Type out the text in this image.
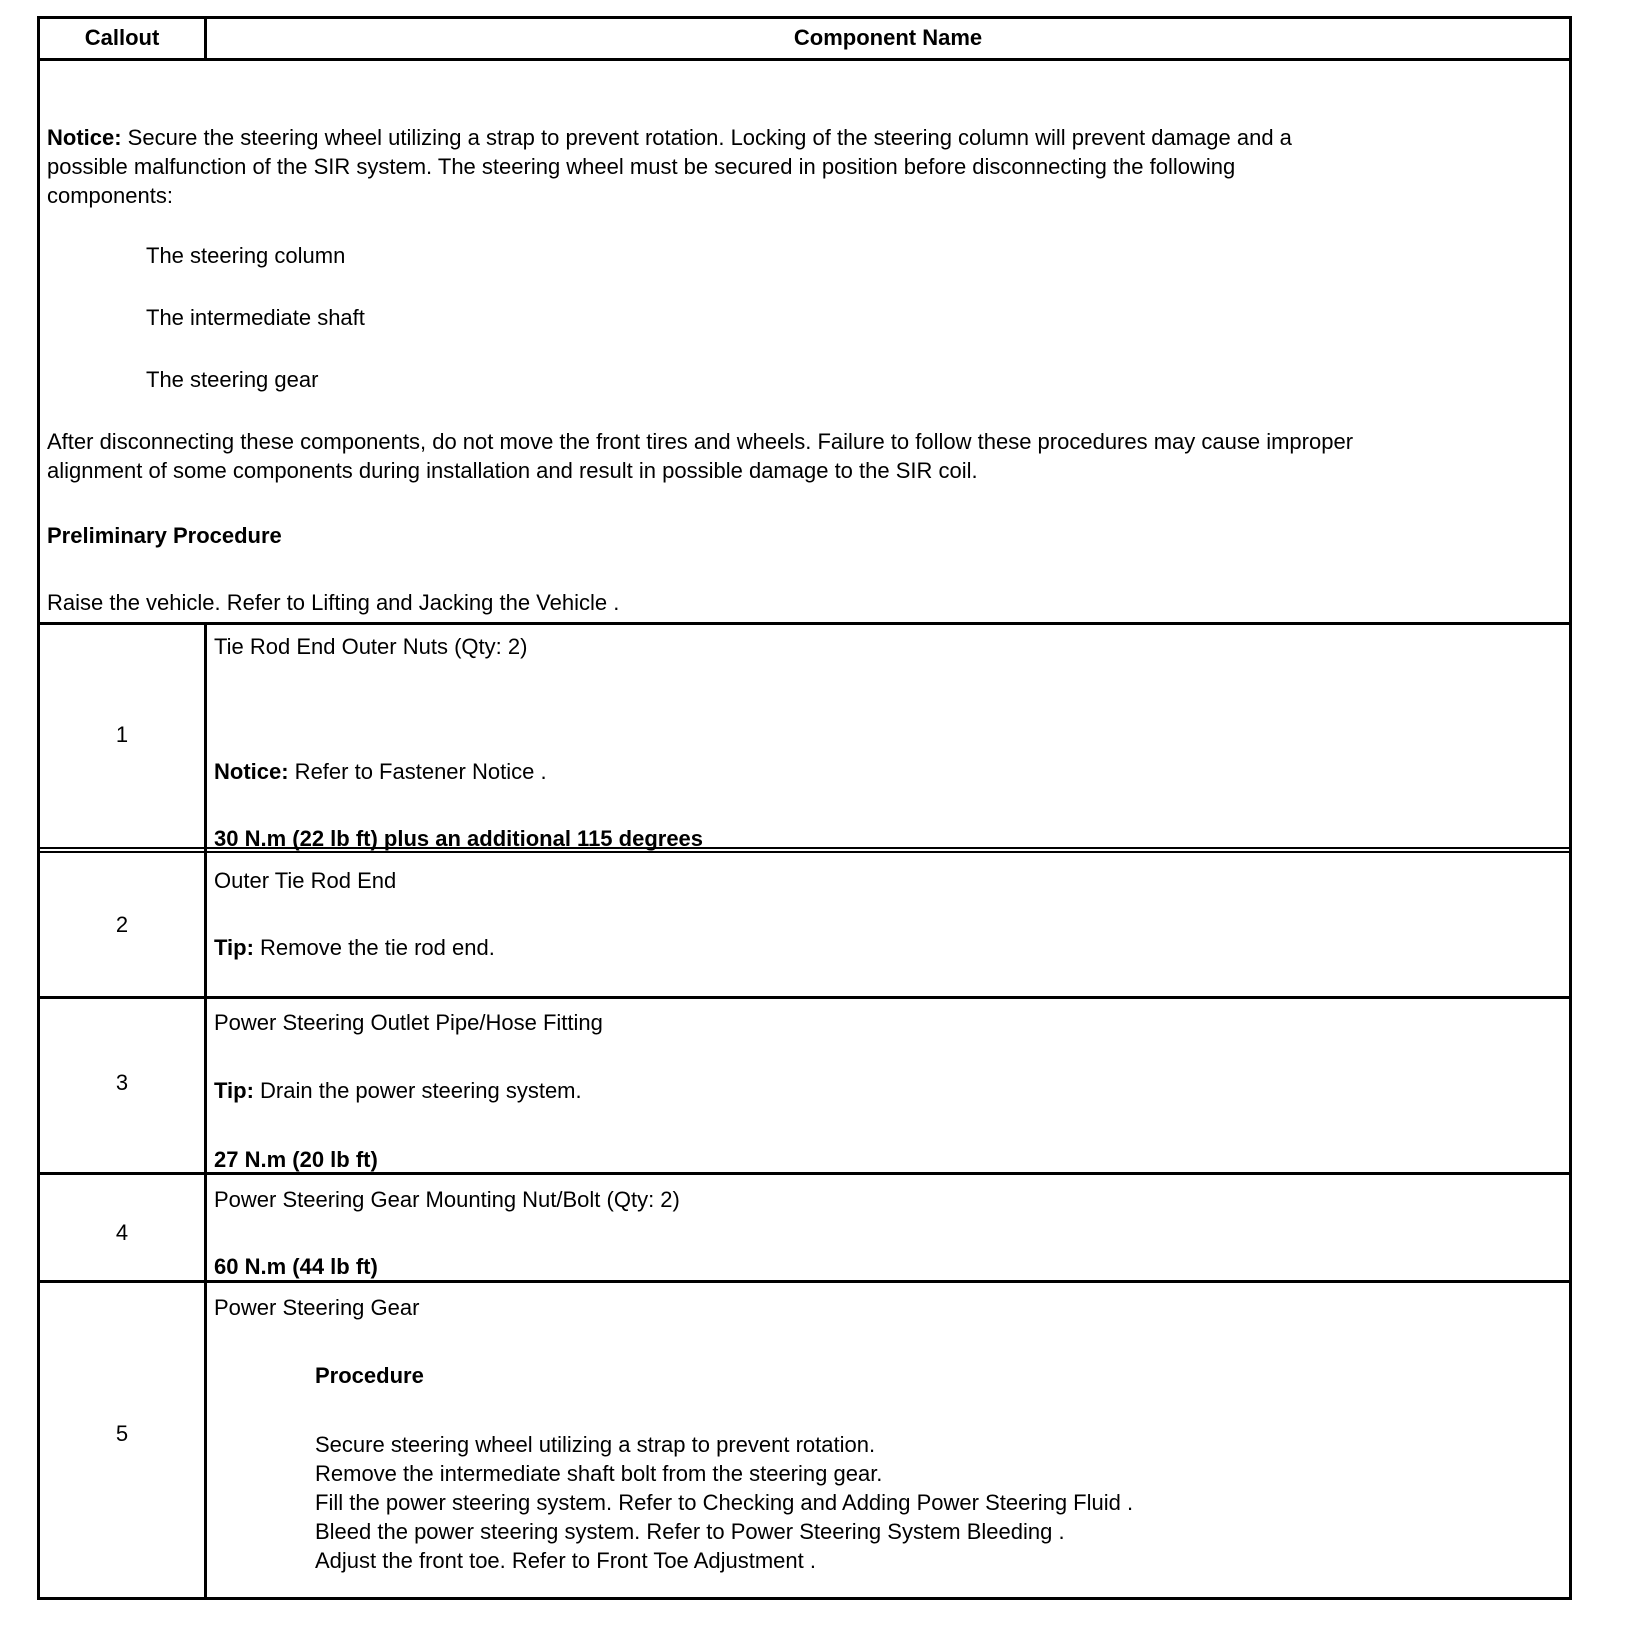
Callout	Component Name
Notice: Secure the steering wheel utilizing a strap to prevent rotation. Locking of the steering column will prevent damage and a
possible malfunction of the SIR system. The steering wheel must be secured in position before disconnecting the following
components:
The steering column
The intermediate shaft
The steering gear
After disconnecting these components, do not move the front tires and wheels. Failure to follow these procedures may cause improper
alignment of some components during installation and result in possible damage to the SIR coil.
Preliminary Procedure
Raise the vehicle. Refer to Lifting and Jacking the Vehicle .
1
Tie Rod End Outer Nuts (Qty: 2)
Notice: Refer to Fastener Notice .
30 N.m (22 lb ft) plus an additional 115 degrees
2
Outer Tie Rod End
Tip: Remove the tie rod end.
3
Power Steering Outlet Pipe/Hose Fitting
Tip: Drain the power steering system.
27 N.m (20 lb ft)
4
Power Steering Gear Mounting Nut/Bolt (Qty: 2)
60 N.m (44 lb ft)
5
Power Steering Gear
Procedure
Secure steering wheel utilizing a strap to prevent rotation.
Remove the intermediate shaft bolt from the steering gear.
Fill the power steering system. Refer to Checking and Adding Power Steering Fluid .
Bleed the power steering system. Refer to Power Steering System Bleeding .
Adjust the front toe. Refer to Front Toe Adjustment .
